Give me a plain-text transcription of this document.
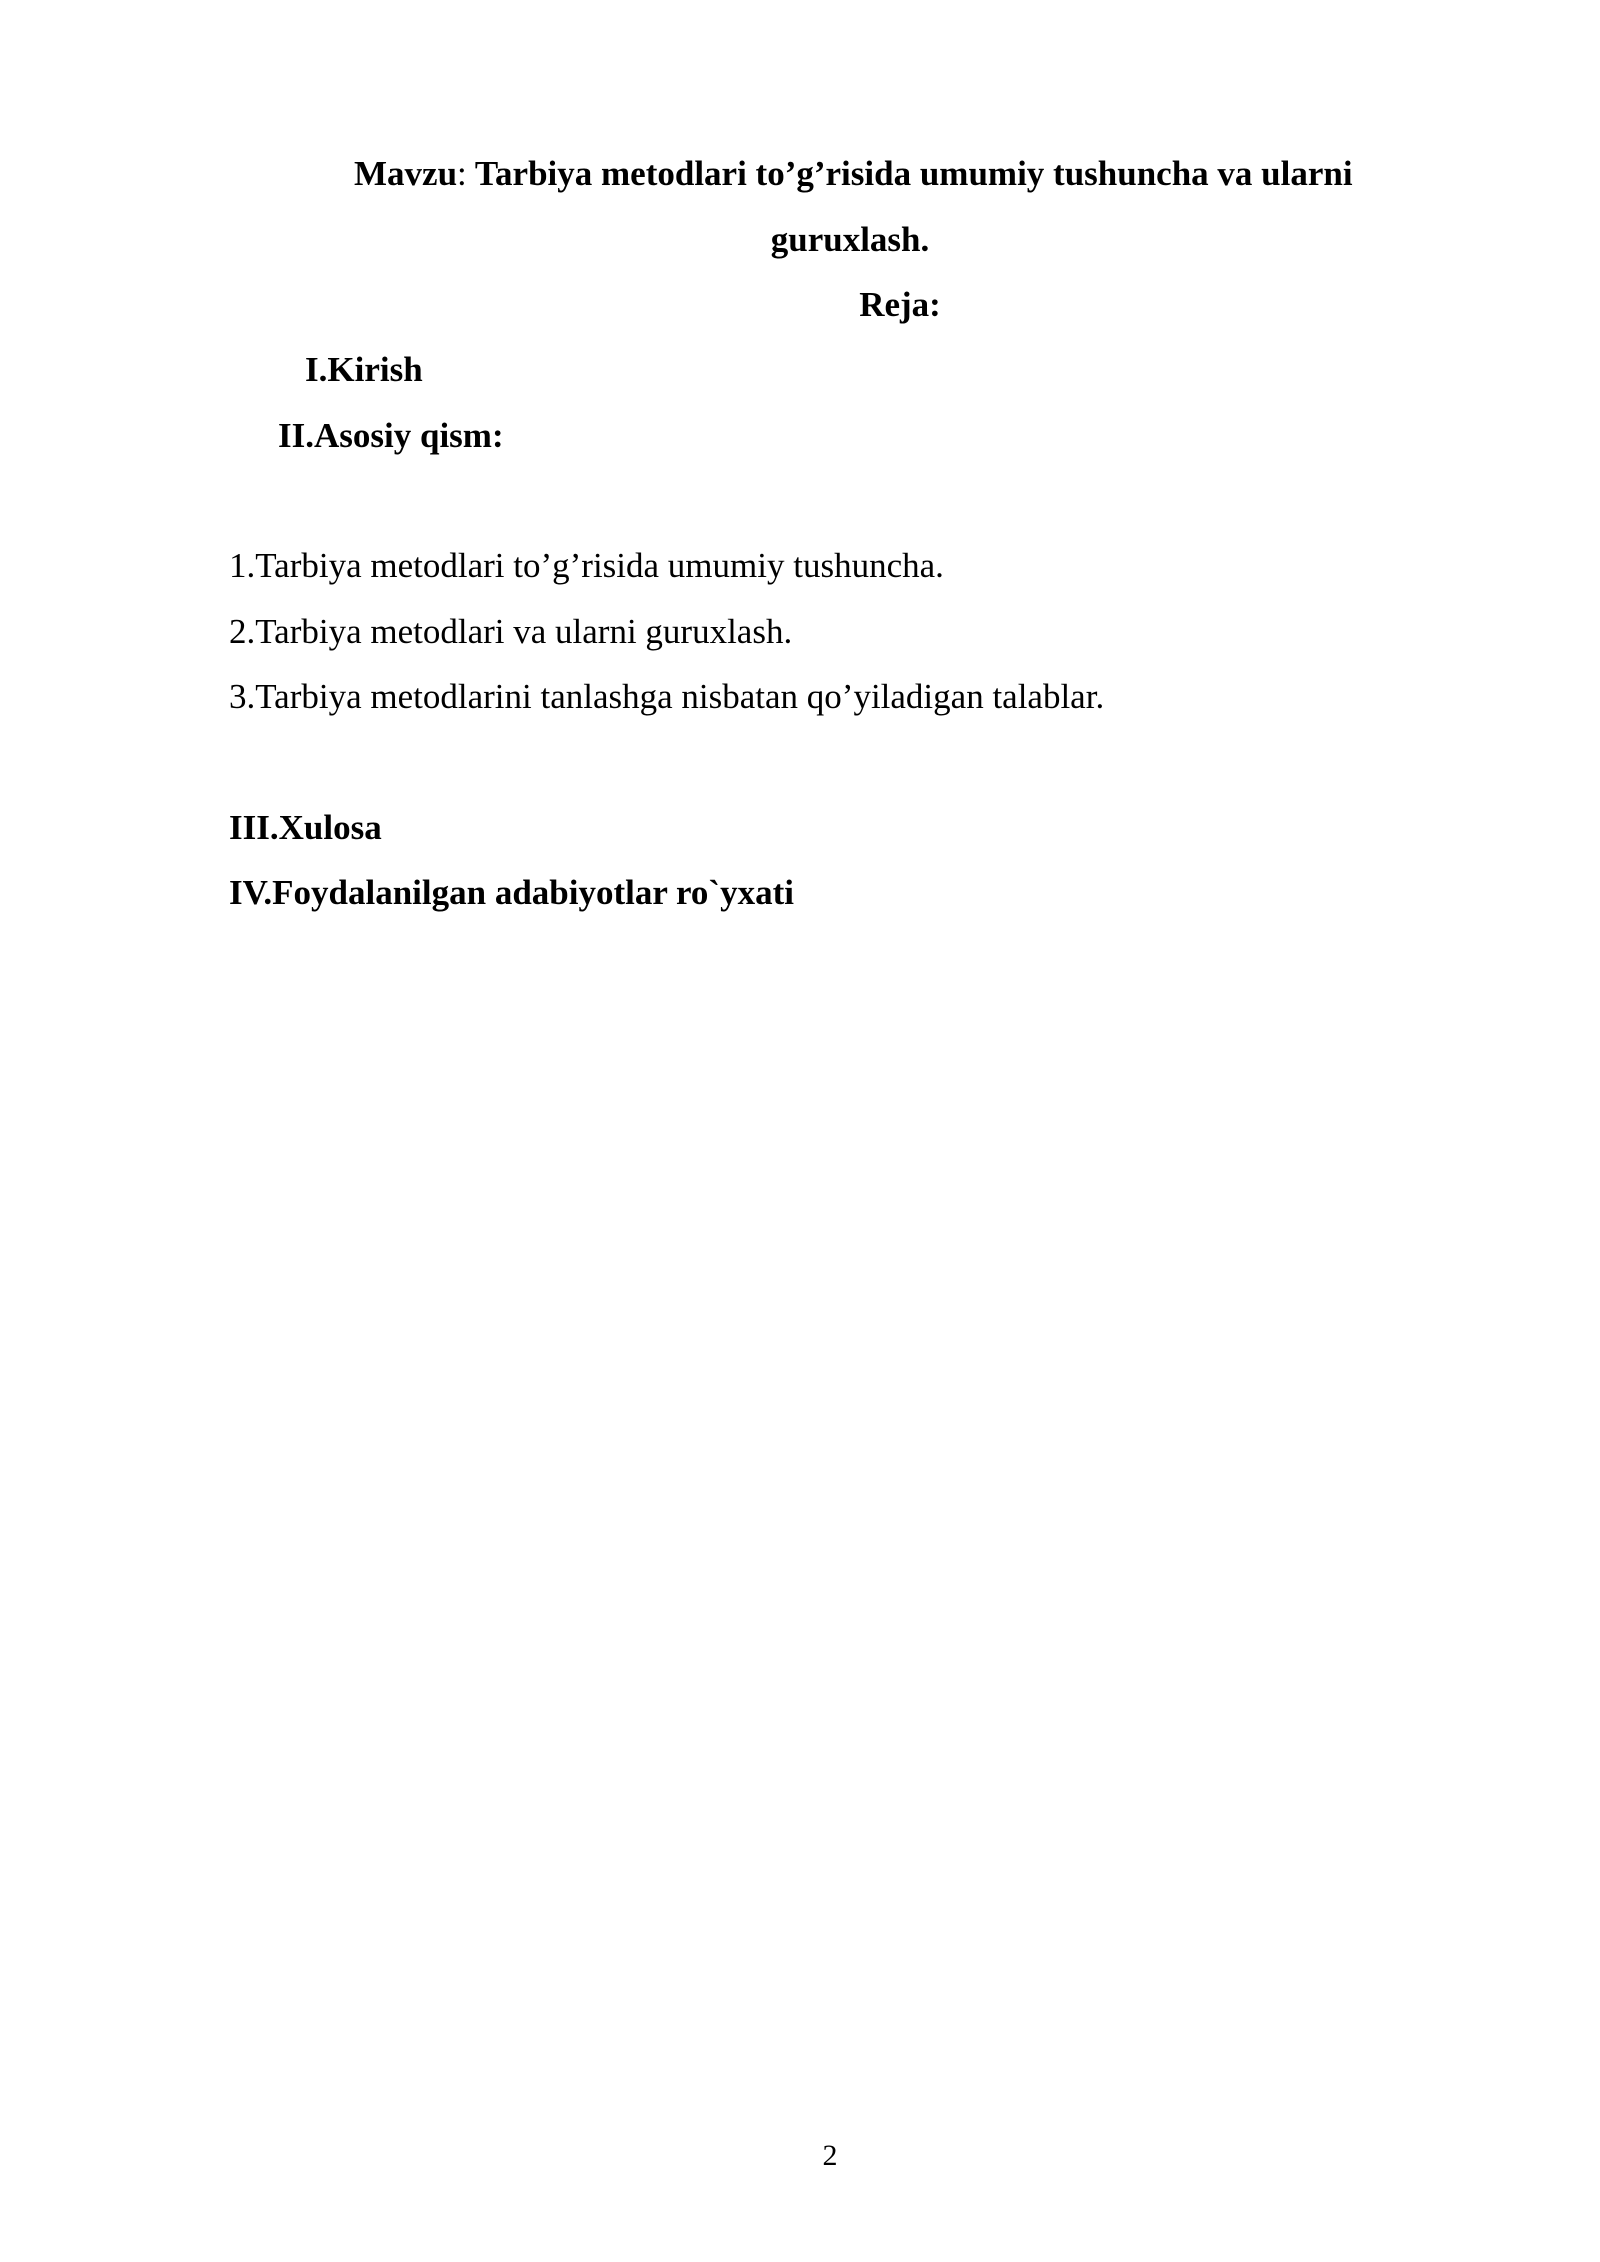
Mavzu: Tarbiya metodlari to’g’risida umumiy tushuncha va ularni
guruxlash.
Reja:
I.Kirish
II.Asosiy qism:
1.Tarbiya metodlari to’g’risida umumiy tushuncha.
2.Tarbiya metodlari va ularni guruxlash.
3.Tarbiya metodlarini tanlashga nisbatan qo’yiladigan talablar.
III.Xulosa
IV.Foydalanilgan adabiyotlar ro`yxati
2
